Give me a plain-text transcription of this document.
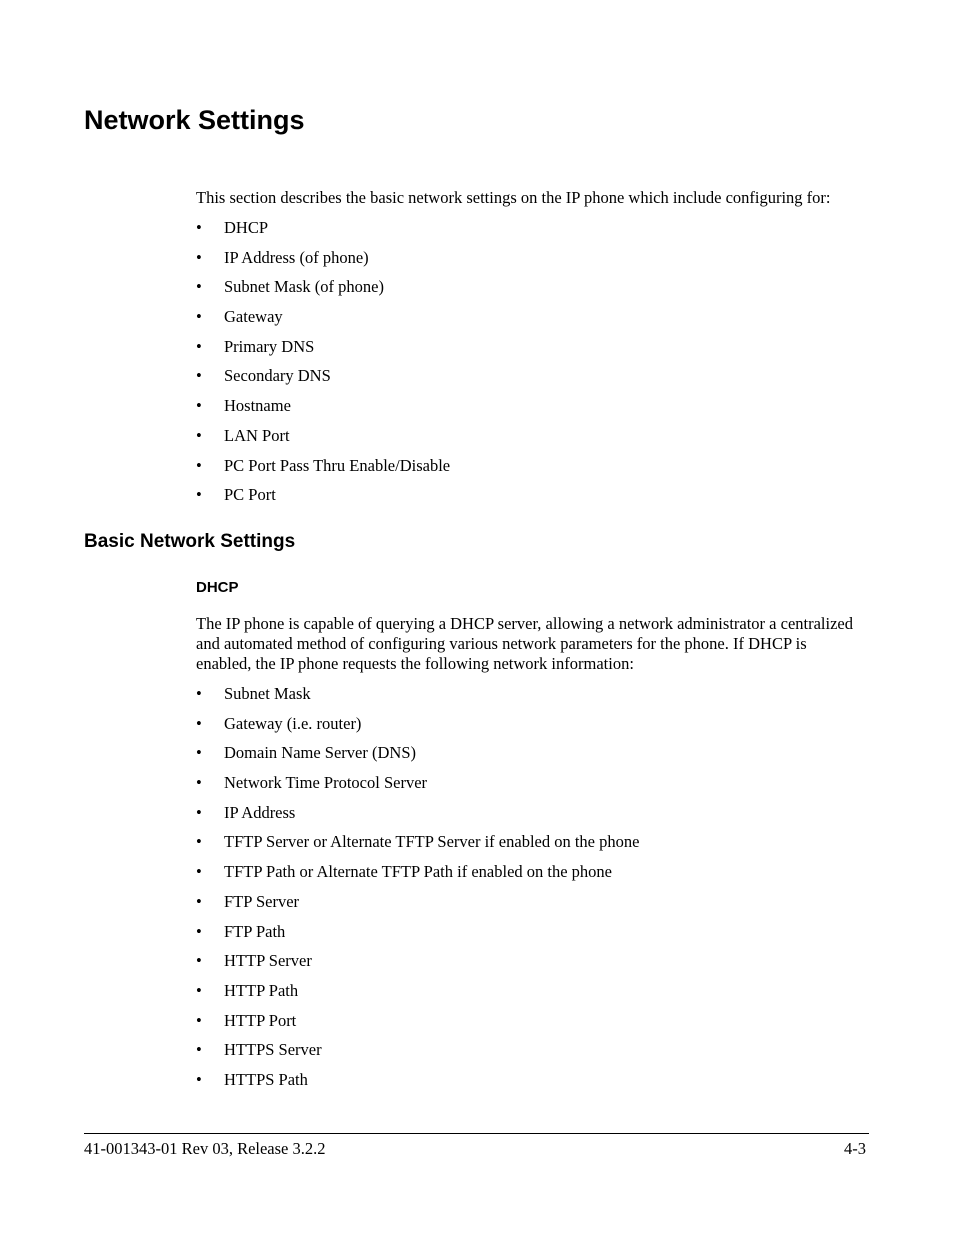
Network Settings

This section describes the basic network settings on the IP phone which include configuring for:

• DHCP
• IP Address (of phone)
• Subnet Mask (of phone)
• Gateway
• Primary DNS
• Secondary DNS
• Hostname
• LAN Port
• PC Port Pass Thru Enable/Disable
• PC Port
Basic Network Settings
DHCP

The IP phone is capable of querying a DHCP server, allowing a network administrator a centralized and automated method of configuring various network parameters for the phone. If DHCP is enabled, the IP phone requests the following network information:

• Subnet Mask
• Gateway (i.e. router)
• Domain Name Server (DNS)
• Network Time Protocol Server
• IP Address
• TFTP Server or Alternate TFTP Server if enabled on the phone
• TFTP Path or Alternate TFTP Path if enabled on the phone
• FTP Server
• FTP Path
• HTTP Server
• HTTP Path
• HTTP Port
• HTTPS Server
• HTTPS Path
41-001343-01 Rev 03, Release 3.2.2	4-3
